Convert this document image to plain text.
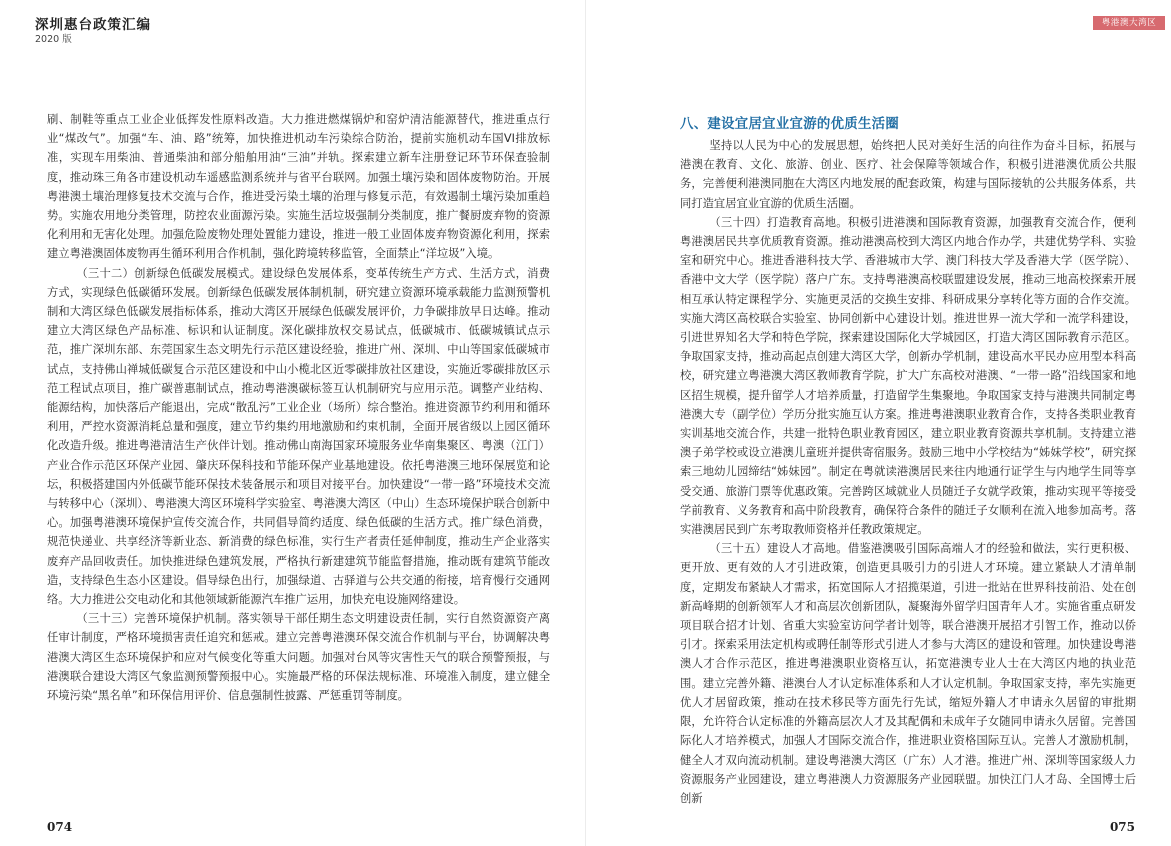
深圳惠台政策汇编
2020 版

刷、制鞋等重点工业企业低挥发性原料改造。大力推进燃煤锅炉和窑炉清洁能源替代，推进重点行业“煤改气”。加强“车、油、路”统筹，加快推进机动车污染综合防治，提前实施机动车国VI排放标准，实现车用柴油、普通柴油和部分船舶用油“三油”并轨。探索建立新车注册登记环节环保查验制度，推动珠三角各市建设机动车遥感监测系统并与省平台联网。加强土壤污染和固体废物防治。开展粤港澳土壤治理修复技术交流与合作，推进受污染土壤的治理与修复示范，有效遏制土壤污染加重趋势。实施农用地分类管理，防控农业面源污染。实施生活垃圾强制分类制度，推广餐厨废弃物的资源化利用和无害化处理。加强危险废物处理处置能力建设，推进一般工业固体废弃物资源化利用，探索建立粤港澳固体废物再生循环利用合作机制，强化跨境转移监管，全面禁止“洋垃圾”入境。

（三十二）创新绿色低碳发展模式。建设绿色发展体系，变革传统生产方式、生活方式，消费方式，实现绿色低碳循环发展。创新绿色低碳发展体制机制，研究建立资源环境承载能力监测预警机制和大湾区绿色低碳发展指标体系，推动大湾区开展绿色低碳发展评价，力争碳排放早日达峰。推动建立大湾区绿色产品标准、标识和认证制度。深化碳排放权交易试点，低碳城市、低碳城镇试点示范，推广深圳东部、东莞国家生态文明先行示范区建设经验，推进广州、深圳、中山等国家低碳城市试点，支持佛山禅城低碳复合示范区建设和中山小榄北区近零碳排放社区建设，实施近零碳排放区示范工程试点项目，推广碳普惠制试点，推动粤港澳碳标签互认机制研究与应用示范。调整产业结构、能源结构，加快落后产能退出，完成“散乱污”工业企业（场所）综合整治。推进资源节约利用和循环利用，严控水资源消耗总量和强度，建立节约集约用地激励和约束机制，全面开展省级以上园区循环化改造升级。推进粤港清洁生产伙伴计划。推动佛山南海国家环境服务业华南集聚区、粤澳（江门）产业合作示范区环保产业园、肇庆环保科技和节能环保产业基地建设。依托粤港澳三地环保展览和论坛，积极搭建国内外低碳节能环保技术装备展示和项目对接平台。加快建设“一带一路”环境技术交流与转移中心（深圳）、粤港澳大湾区环境科学实验室、粤港澳大湾区（中山）生态环境保护联合创新中心。加强粤港澳环境保护宣传交流合作，共同倡导简约适度、绿色低碳的生活方式。推广绿色消费，规范快递业、共享经济等新业态、新消费的绿色标准，实行生产者责任延伸制度，推动生产企业落实废弃产品回收责任。加快推进绿色建筑发展，严格执行新建建筑节能监督措施，推动既有建筑节能改造，支持绿色生态小区建设。倡导绿色出行，加强绿道、古驿道与公共交通的衔接，培育慢行交通网络。大力推进公交电动化和其他领域新能源汽车推广运用，加快充电设施网络建设。

（三十三）完善环境保护机制。落实领导干部任期生态文明建设责任制，实行自然资源资产离任审计制度，严格环境损害责任追究和惩戒。建立完善粤港澳环保交流合作机制与平台，协调解决粤港澳大湾区生态环境保护和应对气候变化等重大问题。加强对台风等灾害性天气的联合预警预报，与港澳联合建设大湾区气象监测预警预报中心。实施最严格的环保法规标准、环境准入制度，建立健全环境污染“黑名单”和环保信用评价、信息强制性披露、严惩重罚等制度。

074
粤港澳大湾区
八、建设宜居宜业宜游的优质生活圈

坚持以人民为中心的发展思想，始终把人民对美好生活的向往作为奋斗目标，拓展与港澳在教育、文化、旅游、创业、医疗、社会保障等领域合作，积极引进港澳优质公共服务，完善便利港澳同胞在大湾区内地发展的配套政策，构建与国际接轨的公共服务体系，共同打造宜居宜业宜游的优质生活圈。

（三十四）打造教育高地。积极引进港澳和国际教育资源，加强教育交流合作，便利粤港澳居民共享优质教育资源。推动港澳高校到大湾区内地合作办学，共建优势学科、实验室和研究中心。推进香港科技大学、香港城市大学、澳门科技大学及香港大学（医学院）、香港中文大学（医学院）落户广东。支持粤港澳高校联盟建设发展，推动三地高校探索开展相互承认特定课程学分、实施更灵活的交换生安排、科研成果分享转化等方面的合作交流。实施大湾区高校联合实验室、协同创新中心建设计划。推进世界一流大学和一流学科建设，引进世界知名大学和特色学院，探索建设国际化大学城园区，打造大湾区国际教育示范区。争取国家支持，推动高起点创建大湾区大学，创新办学机制，建设高水平民办应用型本科高校，研究建立粤港澳大湾区教师教育学院，扩大广东高校对港澳、“一带一路”沿线国家和地区招生规模，提升留学人才培养质量，打造留学生集聚地。争取国家支持与港澳共同制定粤港澳大专（副学位）学历分批实施互认方案。推进粤港澳职业教育合作，支持各类职业教育实训基地交流合作，共建一批特色职业教育园区，建立职业教育资源共享机制。支持建立港澳子弟学校或设立港澳儿童班并提供寄宿服务。鼓励三地中小学校结为“姊妹学校”，研究探索三地幼儿园缔结“姊妹园”。制定在粤就读港澳居民来往内地通行证学生与内地学生同等享受交通、旅游门票等优惠政策。完善跨区域就业人员随迁子女就学政策，推动实现平等接受学前教育、义务教育和高中阶段教育，确保符合条件的随迁子女顺利在流入地参加高考。落实港澳居民到广东考取教师资格并任教政策规定。

（三十五）建设人才高地。借鉴港澳吸引国际高端人才的经验和做法，实行更积极、更开放、更有效的人才引进政策，创造更具吸引力的引进人才环境。建立紧缺人才清单制度，定期发布紧缺人才需求，拓宽国际人才招揽渠道，引进一批站在世界科技前沿、处在创新高峰期的创新领军人才和高层次创新团队，凝聚海外留学归国青年人才。实施省重点研发项目联合招才计划、省重大实验室访问学者计划等，联合港澳开展招才引智工作，推动以侨引才。探索采用法定机构或聘任制等形式引进人才参与大湾区的建设和管理。加快建设粤港澳人才合作示范区，推进粤港澳职业资格互认，拓宽港澳专业人士在大湾区内地的执业范围。建立完善外籍、港澳台人才认定标准体系和人才认定机制。争取国家支持，率先实施更优人才居留政策，推动在技术移民等方面先行先试，缩短外籍人才申请永久居留的审批期限，允许符合认定标准的外籍高层次人才及其配偶和未成年子女随同申请永久居留。完善国际化人才培养模式，加强人才国际交流合作，推进职业资格国际互认。完善人才激励机制，健全人才双向流动机制。建设粤港澳大湾区（广东）人才港。推进广州、深圳等国家级人力资源服务产业园建设，建立粤港澳人力资源服务产业园联盟。加快江门人才岛、全国博士后创新

075
